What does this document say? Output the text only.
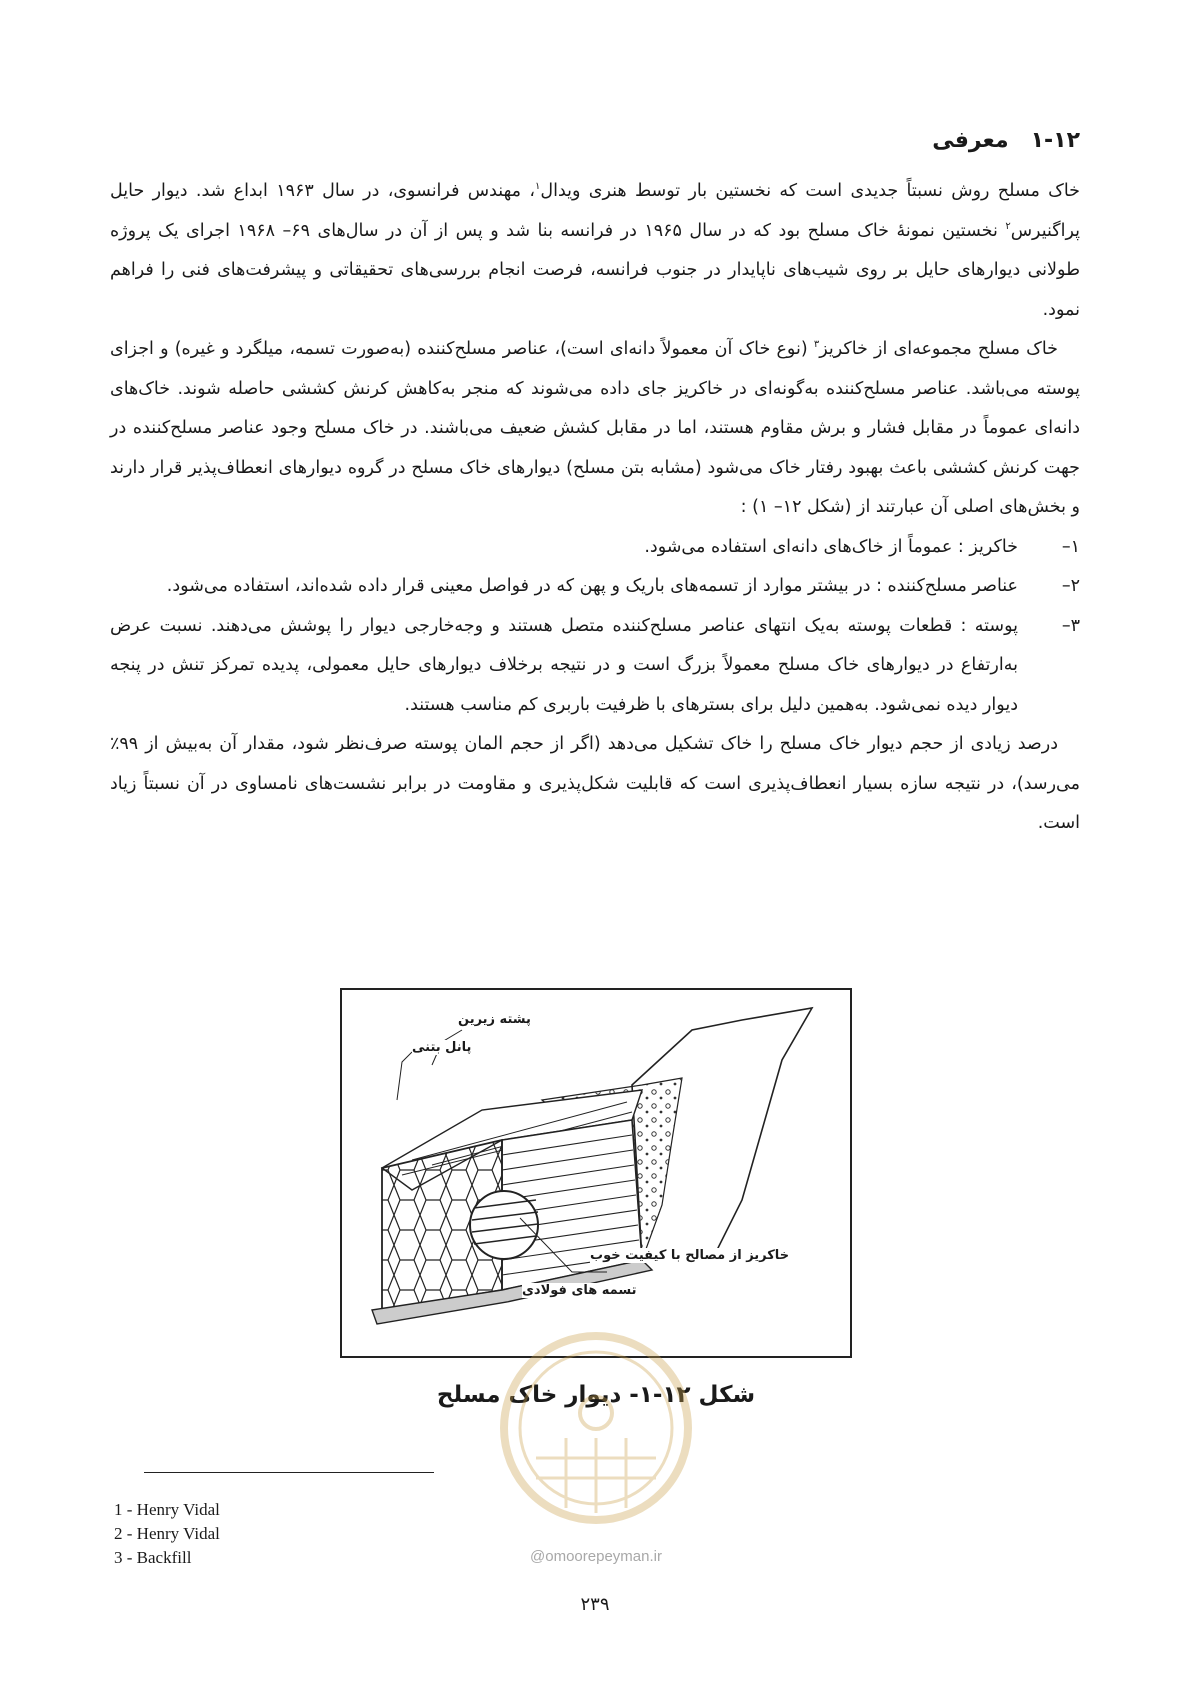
۱-۱۲معرفی

خاک مسلح روش نسبتاً جدیدی است که نخستین بار توسط هنری ویدال$^۱$، مهندس فرانسوی، در سال ۱۹۶۳ ابداع شد. دیوار حایل پراگنیرس$^۲$ نخستین نمونهٔ خاک مسلح بود که در سال ۱۹۶۵ در فرانسه بنا شد و پس از آن در سال‌های ۶۹– ۱۹۶۸ اجرای یک پروژه طولانی دیوارهای حایل بر روی شیب‌های ناپایدار در جنوب فرانسه، فرصت انجام بررسی‌های تحقیقاتی و پیشرفت‌های فنی را فراهم نمود.

خاک مسلح مجموعه‌ای از خاکریز$^۳$ (نوع خاک آن معمولاً دانه‌ای است)، عناصر مسلح‌کننده (به‌صورت تسمه، میلگرد و غیره) و اجزای پوسته می‌باشد. عناصر مسلح‌کننده به‌گونه‌ای در خاکریز جای داده می‌شوند که منجر به‌کاهش کرنش کششی حاصله شوند. خاک‌های دانه‌ای عموماً در مقابل فشار و برش مقاوم هستند، اما در مقابل کشش ضعیف می‌باشند. در خاک مسلح وجود عناصر مسلح‌کننده در جهت کرنش کششی باعث بهبود رفتار خاک می‌شود (مشابه بتن مسلح) دیوارهای خاک مسلح در گروه دیوارهای انعطاف‌پذیر قرار دارند و بخش‌های اصلی آن عبارتند از (شکل ۱۲– ۱) :

۱–
خاکریز : عموماً از خاک‌های دانه‌ای استفاده می‌شود.
۲–
عناصر مسلح‌کننده : در بیشتر موارد از تسمه‌های باریک و پهن که در فواصل معینی قرار داده شده‌اند، استفاده می‌شود.
۳–
پوسته : قطعات پوسته به‌یک انتهای عناصر مسلح‌کننده متصل هستند و وجه‌خارجی دیوار را پوشش می‌دهند. نسبت عرض به‌ارتفاع در دیوارهای خاک مسلح معمولاً بزرگ است و در نتیجه برخلاف دیوارهای حایل معمولی، پدیده تمرکز تنش در پنجه دیوار دیده نمی‌شود. به‌همین دلیل برای بسترهای با ظرفیت باربری کم مناسب هستند.

درصد زیادی از حجم دیوار خاک مسلح را خاک تشکیل می‌دهد (اگر از حجم المان پوسته صرف‌نظر شود، مقدار آن به‌بیش از ۹۹٪ می‌رسد)، در نتیجه سازه بسیار انعطاف‌پذیری است که قابلیت شکل‌پذیری و مقاومت در برابر نشست‌های نامساوی در آن نسبتاً زیاد است.

پشته زیرین
پانل بتنی
خاکریز از مصالح با کیفیت خوب
تسمه های فولادی
شکل ۱۲-۱- دیوار خاک مسلح
@omoorepeyman.ir
1 - Henry Vidal
2 - Henry Vidal
3 - Backfill
۲۳۹
